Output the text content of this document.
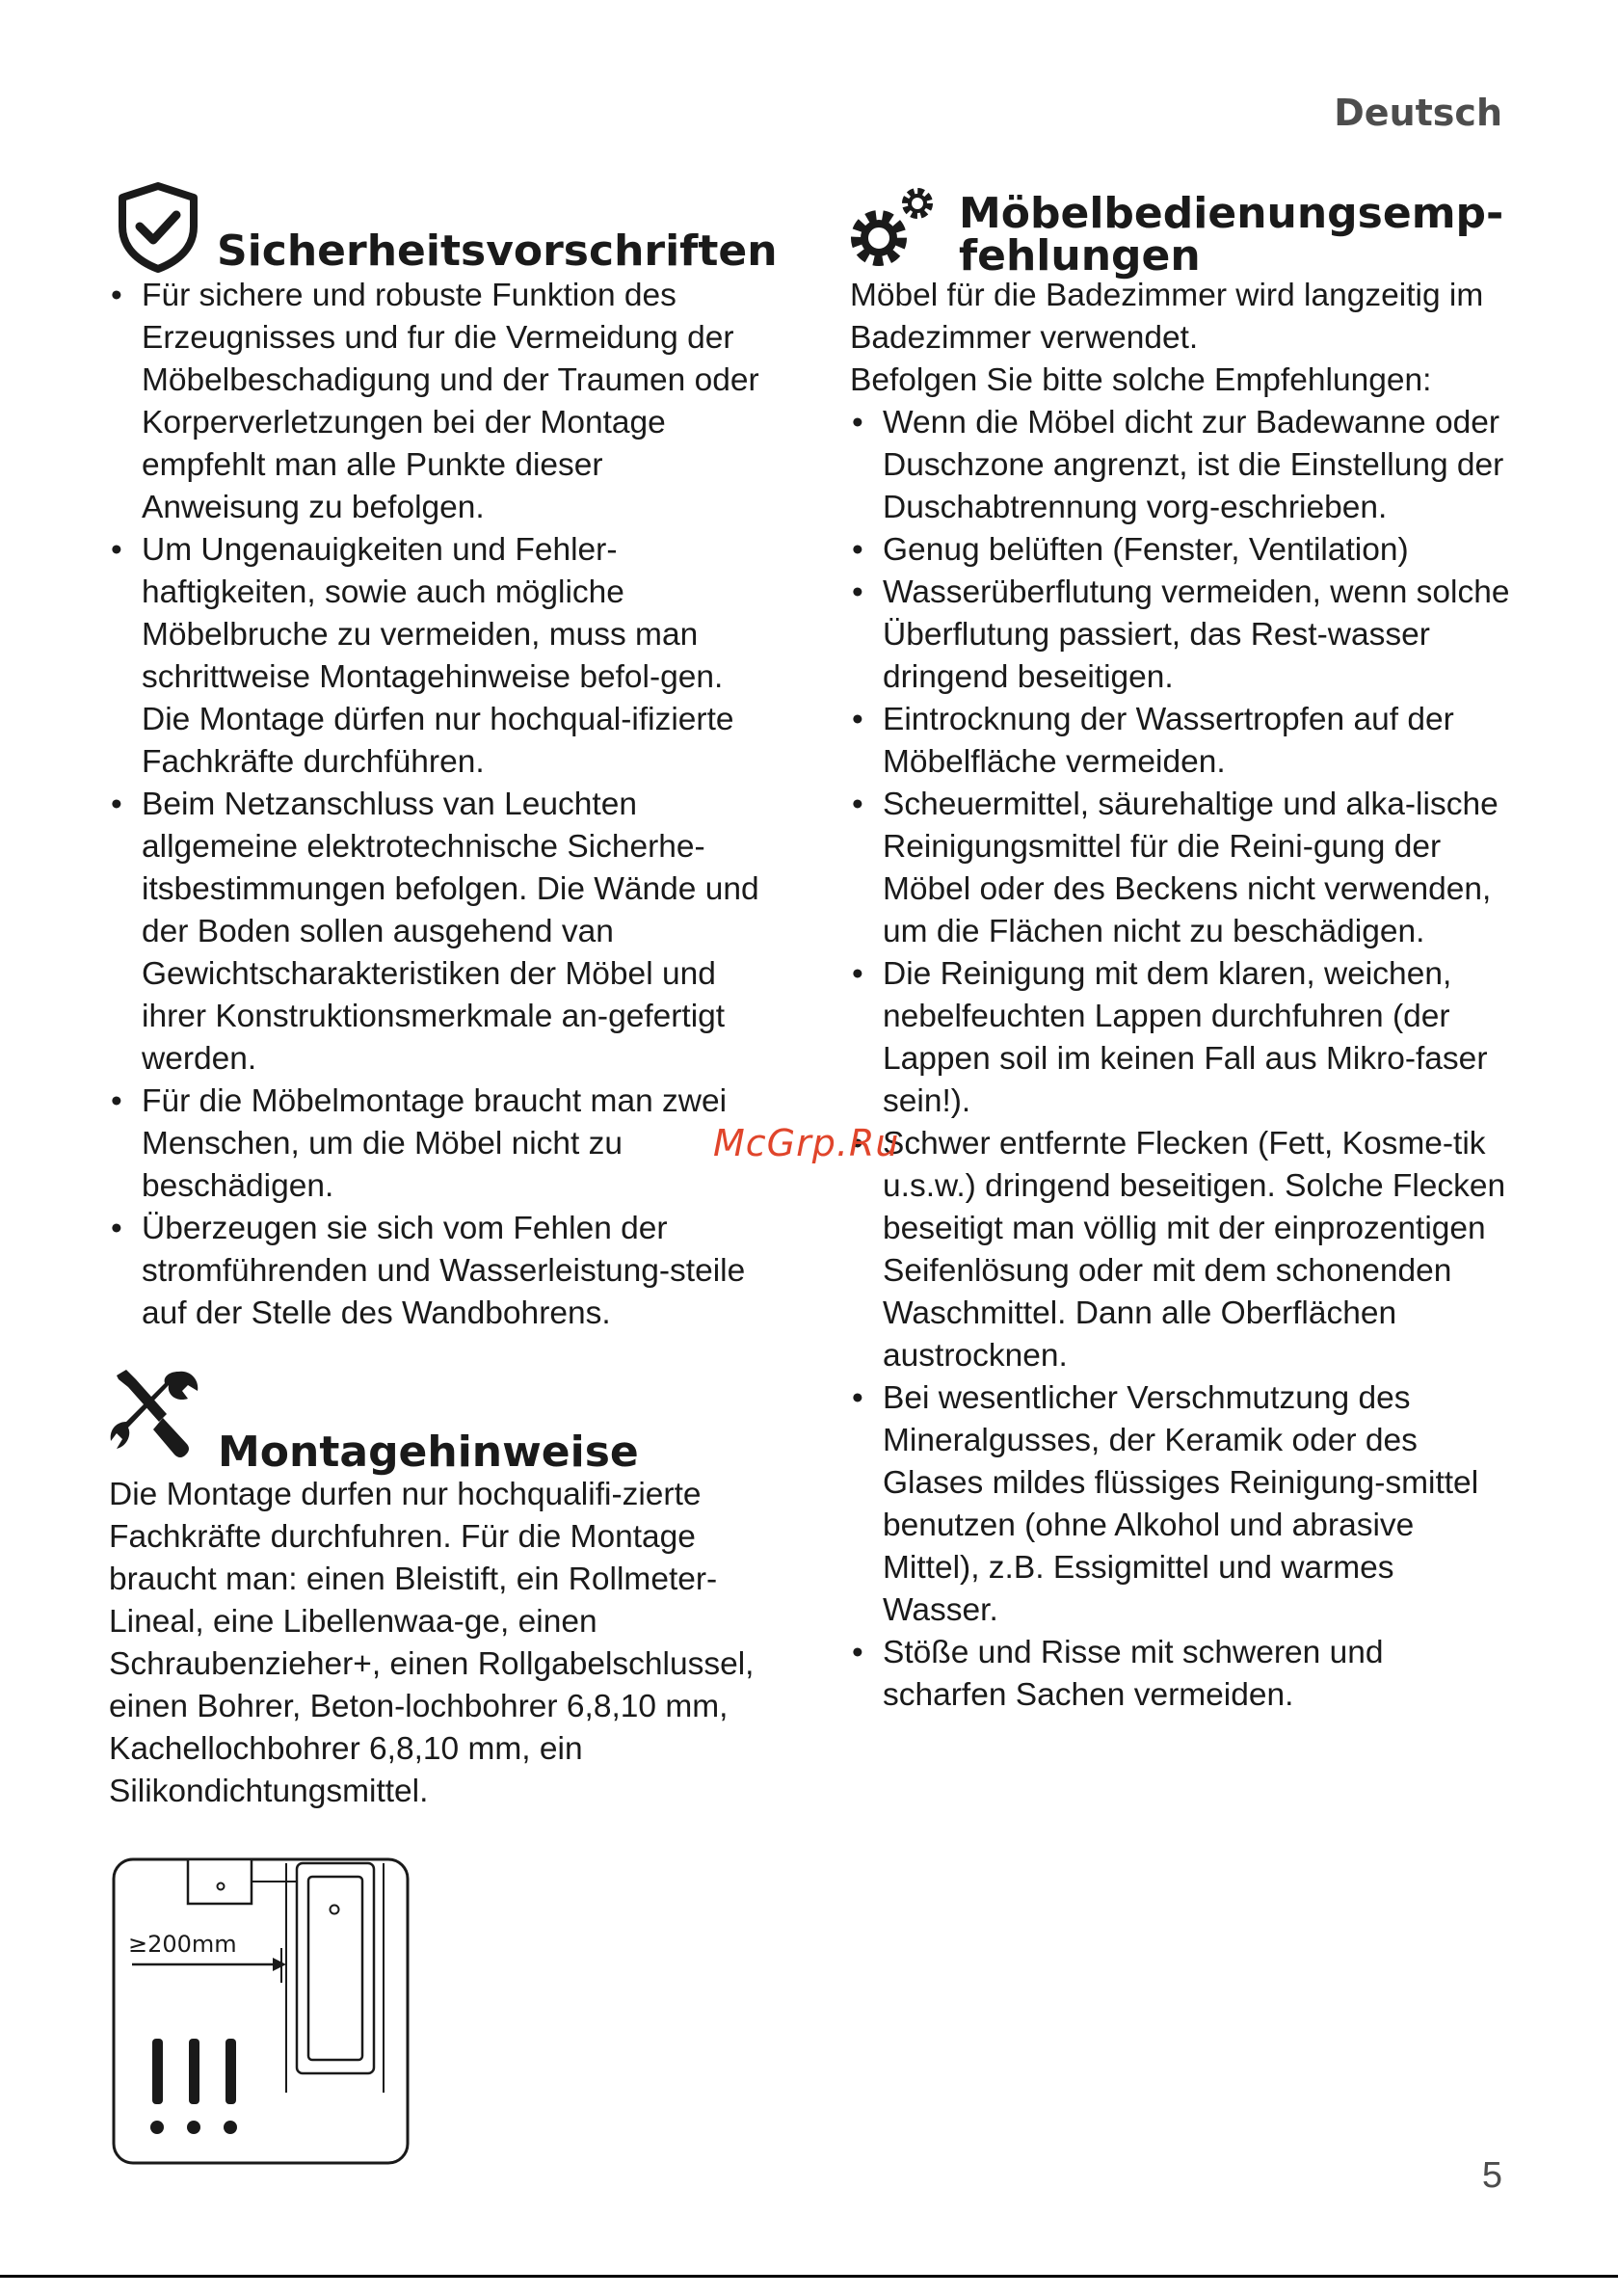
Deutsch
Sicherheitsvorschriften
• Für sichere und robuste Funktion des Erzeugnisses und fur die Vermeidung der Möbelbeschadigung und der Traumen oder Korperverletzungen bei der Montage empfehlt man alle Punkte dieser Anweisung zu befolgen.
• Um Ungenauigkeiten und Fehler-haftigkeiten, sowie auch mögliche Möbelbruche zu vermeiden, muss man schrittweise Montagehinweise befol-gen. Die Montage dürfen nur hochqual-ifizierte Fachkräfte durchführen.
• Beim Netzanschluss van Leuchten allgemeine elektrotechnische Sicherhe-itsbestimmungen befolgen. Die Wände und der Boden sollen ausgehend van Gewichtscharakteristiken der Möbel und ihrer Konstruktionsmerkmale an-gefertigt werden.
• Für die Möbelmontage braucht man zwei Menschen, um die Möbel nicht zu beschädigen.
• Überzeugen sie sich vom Fehlen der stromführenden und Wasserleistung-steile auf der Stelle des Wandbohrens.
Montagehinweise

Die Montage durfen nur hochqualifi-zierte Fachkräfte durchfuhren. Für die Montage braucht man: einen Bleistift, ein Rollmeter-Lineal, eine Libellenwaa-ge, einen Schraubenzieher+, einen Rollgabelschlussel, einen Bohrer, Beton-lochbohrer 6,8,10 mm, Kachellochbohrer 6,8,10 mm, ein Silikondichtungsmittel.

≥200mm
Möbelbedienungsemp-fehlungen

Möbel für die Badezimmer wird langzeitig im Badezimmer verwendet.

Befolgen Sie bitte solche Empfehlungen:

• Wenn die Möbel dicht zur Badewanne oder Duschzone angrenzt, ist die Einstellung der Duschabtrennung vorg-eschrieben.
• Genug belüften (Fenster, Ventilation)
• Wasserüberflutung vermeiden, wenn solche Überflutung passiert, das Rest-wasser dringend beseitigen.
• Eintrocknung der Wassertropfen auf der Möbelfläche vermeiden.
• Scheuermittel, säurehaltige und alka-lische Reinigungsmittel für die Reini-gung der Möbel oder des Beckens nicht verwenden, um die Flächen nicht zu beschädigen.
• Die Reinigung mit dem klaren, weichen, nebelfeuchten Lappen durchfuhren (der Lappen soil im keinen Fall aus Mikro-faser sein!).
• Schwer entfernte Flecken (Fett, Kosme-tik u.s.w.) dringend beseitigen. Solche Flecken beseitigt man völlig mit der einprozentigen Seifenlösung oder mit dem schonenden Waschmittel. Dann alle Oberflächen austrocknen.
• Bei wesentlicher Verschmutzung des Mineralgusses, der Keramik oder des Glases mildes flüssiges Reinigung-smittel benutzen (ohne Alkohol und abrasive Mittel), z.B. Essigmittel und warmes Wasser.
• Stöße und Risse mit schweren und scharfen Sachen vermeiden.
McGrp.Ru
5
